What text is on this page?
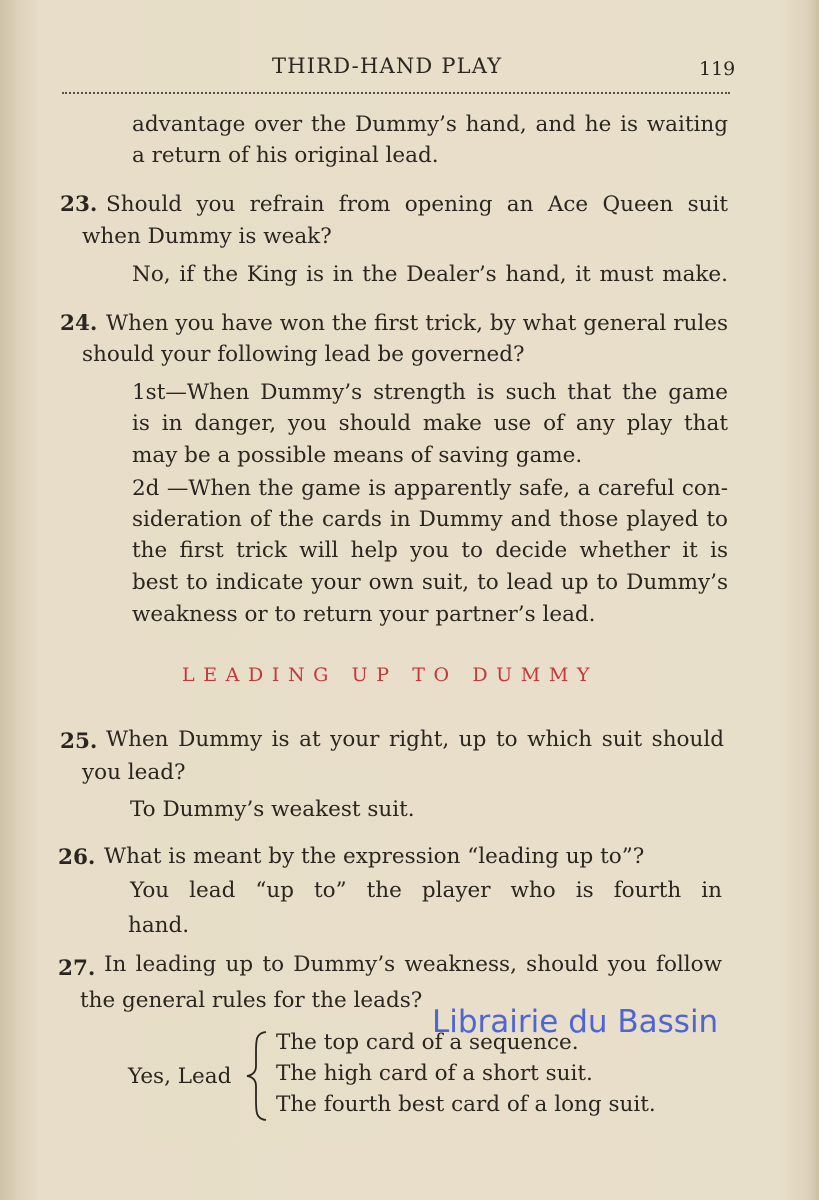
THIRD-HAND PLAY	119
advantage over the Dummy’s hand, and he is waiting
a return of his original lead.
23. Should you refrain from opening an Ace Queen suit
when Dummy is weak?
No, if the King is in the Dealer’s hand, it must make.
24. When you have won the first trick, by what general rules
should your following lead be governed?
1st—When Dummy’s strength is such that the game
is in danger, you should make use of any play that
may be a possible means of saving game.
2d —When the game is apparently safe, a careful con-
sideration of the cards in Dummy and those played to
the first trick will help you to decide whether it is
best to indicate your own suit, to lead up to Dummy’s
weakness or to return your partner’s lead.
LEADING UP TO DUMMY
25. When Dummy is at your right, up to which suit should
you lead?
To Dummy’s weakest suit.
26. What is meant by the expression “leading up to”?
You lead “up to” the player who is fourth in
hand.
27. In leading up to Dummy’s weakness, should you follow
the general rules for the leads?
Yes, Lead
The top card of a sequence.
The high card of a short suit.
The fourth best card of a long suit.
Librairie du Bassin
